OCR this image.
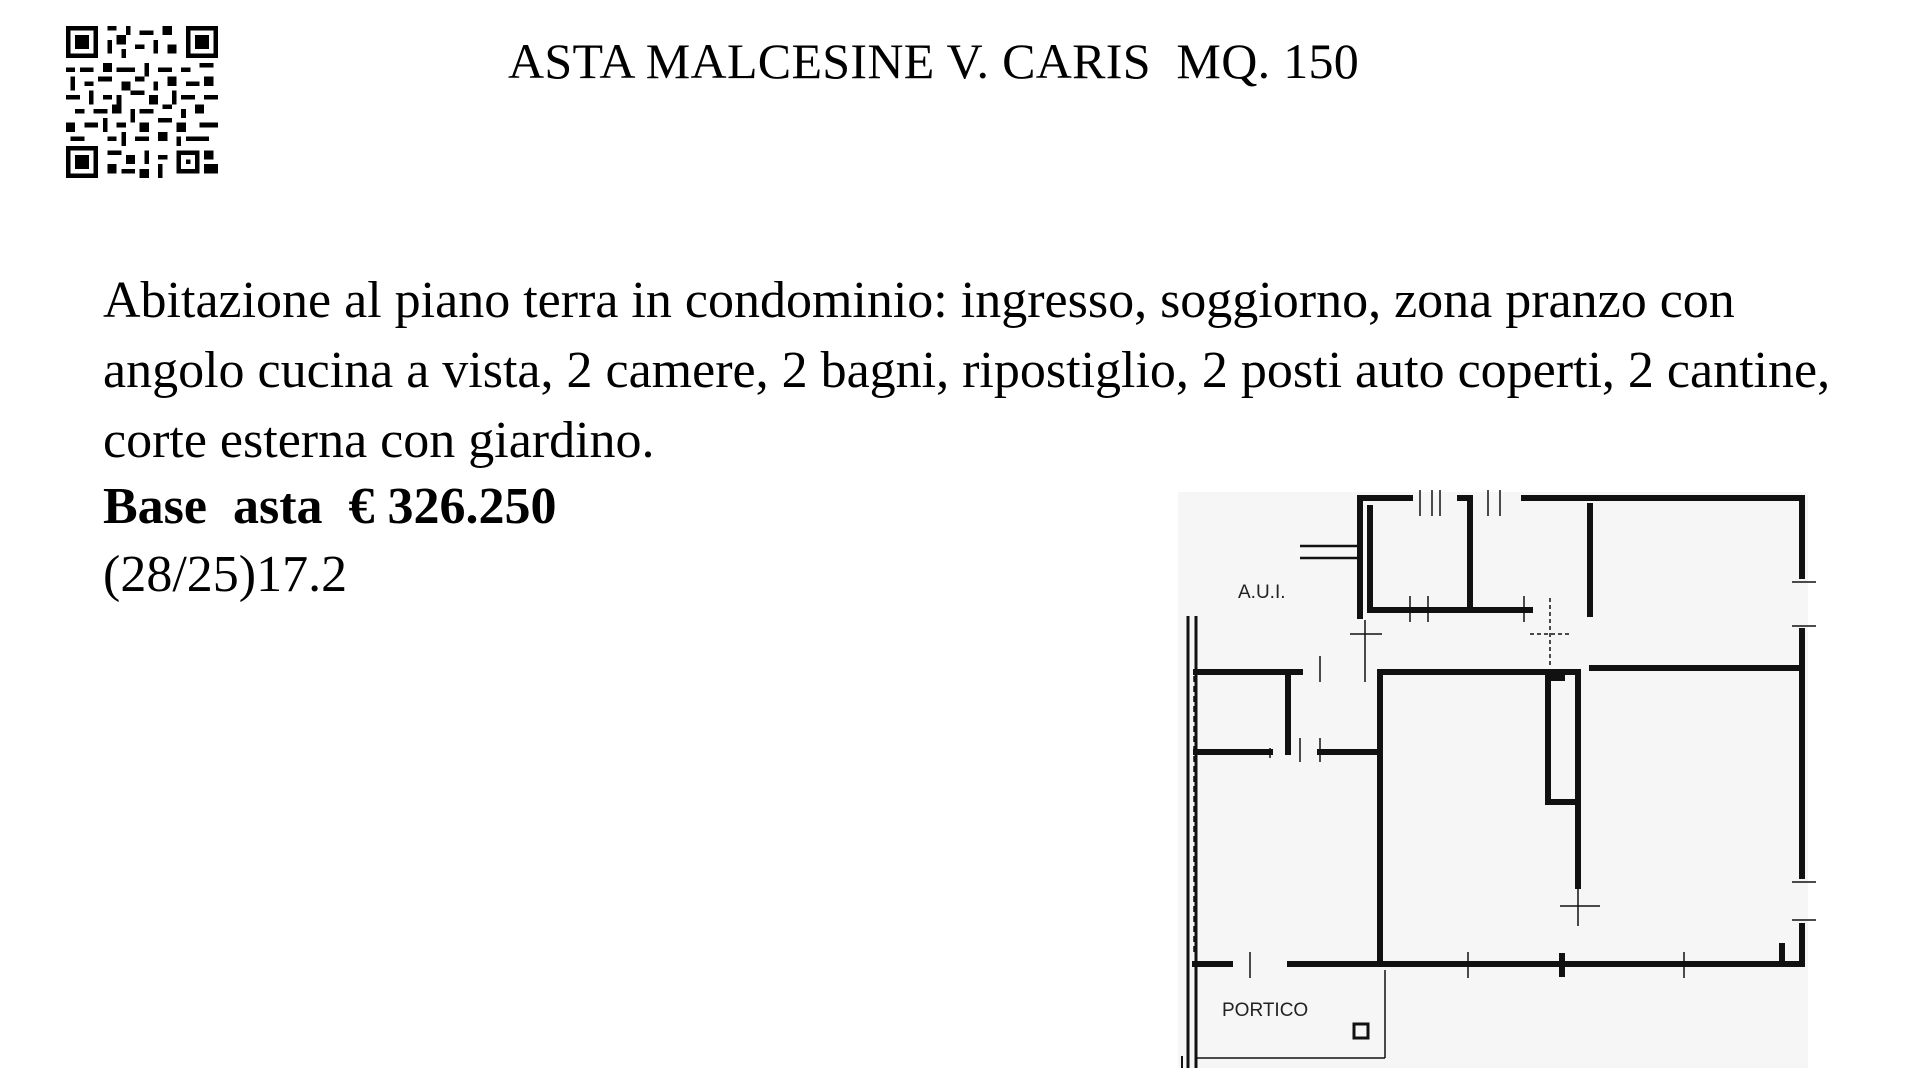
ASTA MALCESINE V. CARIS  MQ. 150
Abitazione al piano terra in condominio: ingresso, soggiorno, zona pranzo con angolo cucina a vista, 2 camere, 2 bagni, ripostiglio, 2 posti auto coperti, 2 cantine, corte esterna con giardino.
Base  asta  € 326.250
(28/25)17.2	A.U.I.
PORTICO
